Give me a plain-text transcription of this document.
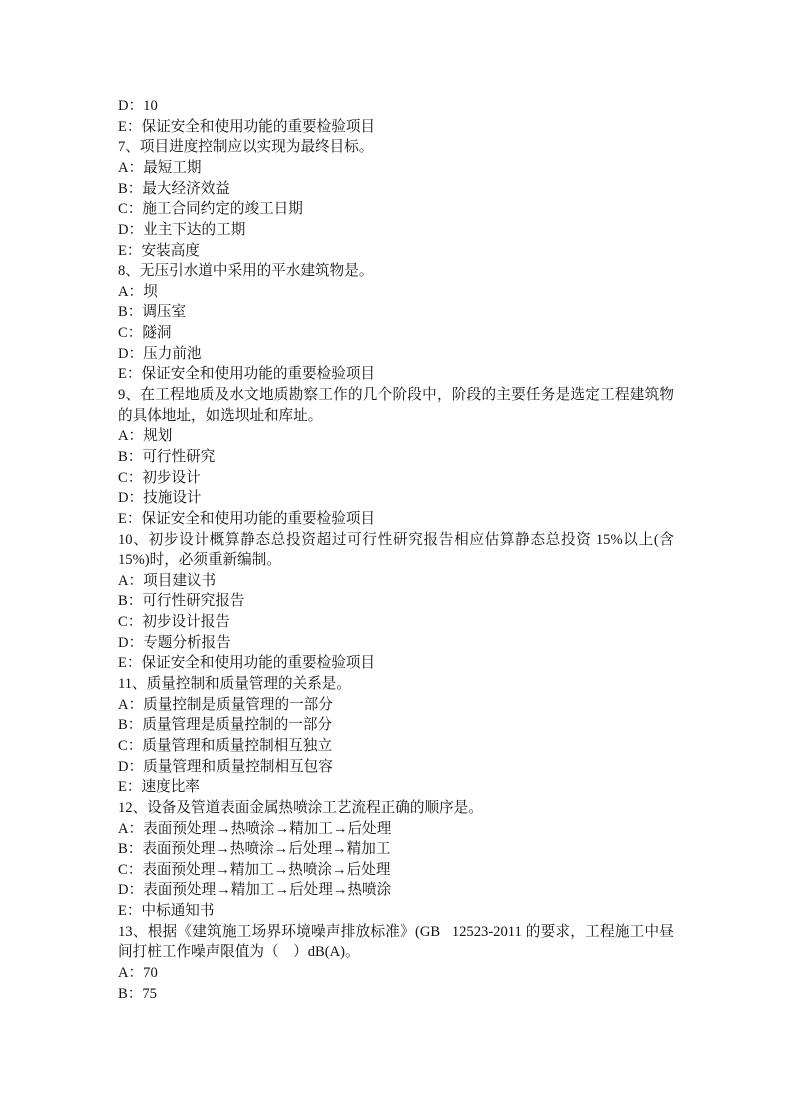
D：10

E：保证安全和使用功能的重要检验项目

7、项目进度控制应以实现为最终目标。

A：最短工期

B：最大经济效益

C：施工合同约定的竣工日期

D：业主下达的工期

E：安装高度

8、无压引水道中采用的平水建筑物是。

A：坝

B：调压室

C：隧洞

D：压力前池

E：保证安全和使用功能的重要检验项目

9、在工程地质及水文地质勘察工作的几个阶段中，阶段的主要任务是选定工程建筑物的具体地址，如选坝址和库址。

A：规划

B：可行性研究

C：初步设计

D：技施设计

E：保证安全和使用功能的重要检验项目

10、初步设计概算静态总投资超过可行性研究报告相应估算静态总投资 15%以上(含 15%)时，必须重新编制。

A：项目建议书

B：可行性研究报告

C：初步设计报告

D：专题分析报告

E：保证安全和使用功能的重要检验项目

11、质量控制和质量管理的关系是。

A：质量控制是质量管理的一部分

B：质量管理是质量控制的一部分

C：质量管理和质量控制相互独立

D：质量管理和质量控制相互包容

E：速度比率

12、设备及管道表面金属热喷涂工艺流程正确的顺序是。

A：表面预处理→热喷涂→精加工→后处理

B：表面预处理→热喷涂→后处理→精加工

C：表面预处理→精加工→热喷涂→后处理

D：表面预处理→精加工→后处理→热喷涂

E：中标通知书

13、根据《建筑施工场界环境噪声排放标准》(GB   12523-2011 的要求，工程施工中昼间打桩工作噪声限值为（    ）dB(A)。

A：70

B：75
